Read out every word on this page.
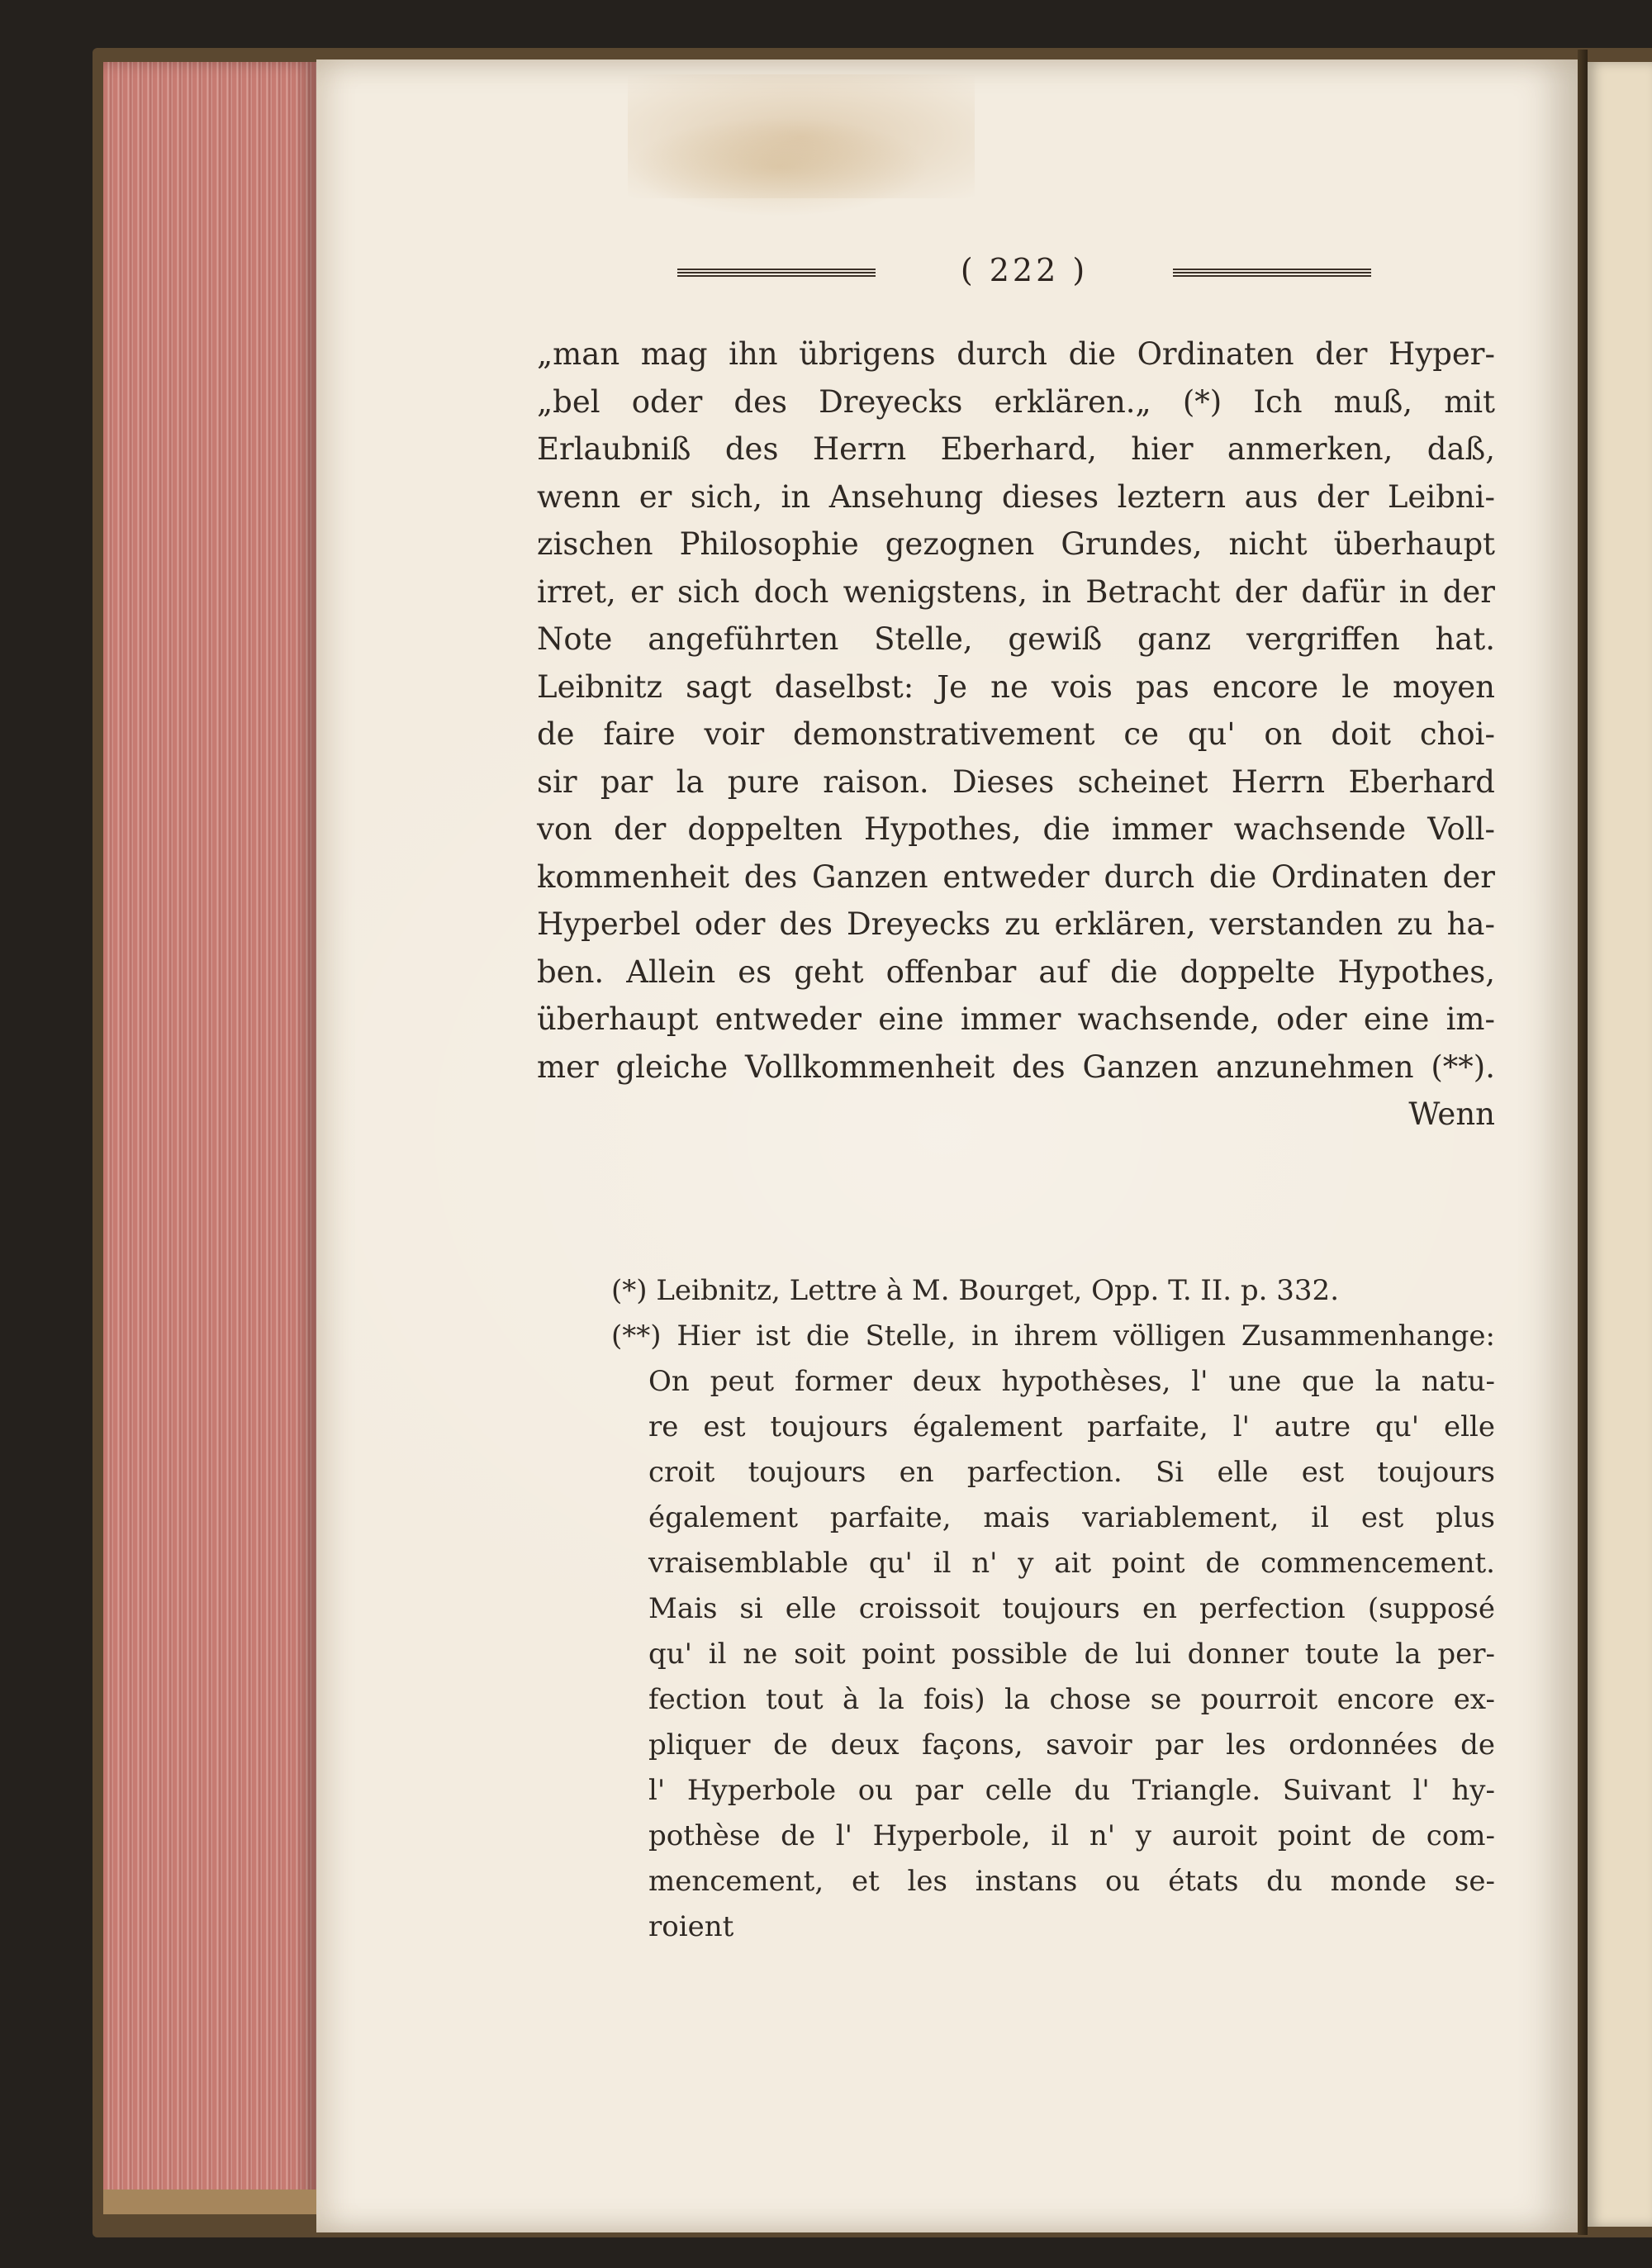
( 222 )
„man mag ihn übrigens durch die Ordinaten der Hyper-
„bel oder des Dreyecks erklären.„ (*) Ich muß, mit
Erlaubniß des Herrn Eberhard, hier anmerken, daß,
wenn er sich, in Ansehung dieses leztern aus der Leibni-
zischen Philosophie gezognen Grundes, nicht überhaupt
irret, er sich doch wenigstens, in Betracht der dafür in der
Note angeführten Stelle, gewiß ganz vergriffen hat.
Leibnitz sagt daselbst: Je ne vois pas encore le moyen
de faire voir demonstrativement ce qu' on doit choi-
sir par la pure raison. Dieses scheinet Herrn Eberhard
von der doppelten Hypothes, die immer wachsende Voll-
kommenheit des Ganzen entweder durch die Ordinaten der
Hyperbel oder des Dreyecks zu erklären, verstanden zu ha-
ben. Allein es geht offenbar auf die doppelte Hypothes,
überhaupt entweder eine immer wachsende, oder eine im-
mer gleiche Vollkommenheit des Ganzen anzunehmen (**).
Wenn
(*) Leibnitz, Lettre à M. Bourget, Opp. T. II. p. 332.
(**) Hier ist die Stelle, in ihrem völligen Zusammenhange:
On peut former deux hypothèses, l' une que la natu-
re est toujours également parfaite, l' autre qu' elle
croit toujours en parfection. Si elle est toujours
également parfaite, mais variablement, il est plus
vraisemblable qu' il n' y ait point de commencement.
Mais si elle croissoit toujours en perfection (supposé
qu' il ne soit point possible de lui donner toute la per-
fection tout à la fois) la chose se pourroit encore ex-
pliquer de deux façons, savoir par les ordonnées de
l' Hyperbole ou par celle du Triangle. Suivant l' hy-
pothèse de l' Hyperbole, il n' y auroit point de com-
mencement, et les instans ou états du monde se-
roient
